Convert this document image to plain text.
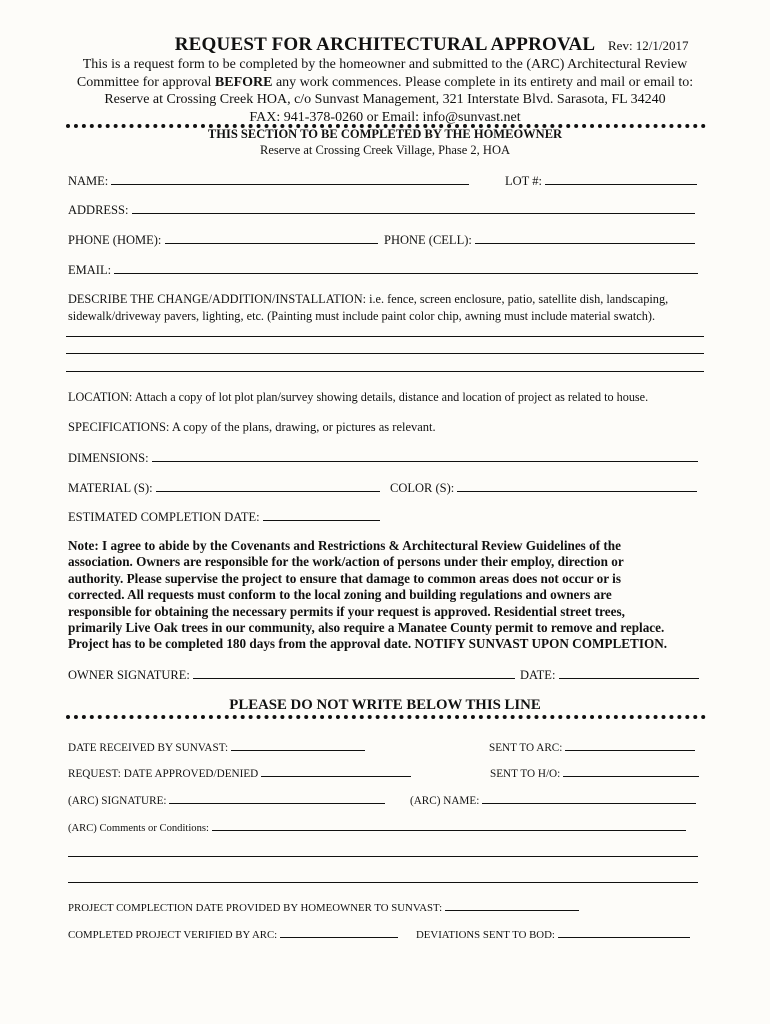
REQUEST FOR ARCHITECTURAL APPROVAL Rev: 12/1/2017
This is a request form to be completed by the homeowner and submitted to the (ARC) Architectural Review
Committee for approval BEFORE any work commences. Please complete in its entirety and mail or email to:
Reserve at Crossing Creek HOA, c/o Sunvast Management, 321 Interstate Blvd. Sarasota, FL 34240
FAX: 941-378-0260 or Email: info@sunvast.net
THIS SECTION TO BE COMPLETED BY THE HOMEOWNER
Reserve at Crossing Creek Village, Phase 2, HOA
NAME:	LOT #:
ADDRESS:
PHONE (HOME):	PHONE (CELL):
EMAIL:
DESCRIBE THE CHANGE/ADDITION/INSTALLATION: i.e. fence, screen enclosure, patio, satellite dish, landscaping,
sidewalk/driveway pavers, lighting, etc. (Painting must include paint color chip, awning must include material swatch).
LOCATION: Attach a copy of lot plot plan/survey showing details, distance and location of project as related to house.
SPECIFICATIONS: A copy of the plans, drawing, or pictures as relevant.
DIMENSIONS:
MATERIAL (S):	COLOR (S):
ESTIMATED COMPLETION DATE:
Note: I agree to abide by the Covenants and Restrictions & Architectural Review Guidelines of the
association. Owners are responsible for the work/action of persons under their employ, direction or
authority. Please supervise the project to ensure that damage to common areas does not occur or is
corrected. All requests must conform to the local zoning and building regulations and owners are
responsible for obtaining the necessary permits if your request is approved. Residential street trees,
primarily Live Oak trees in our community, also require a Manatee County permit to remove and replace.
Project has to be completed 180 days from the approval date. NOTIFY SUNVAST UPON COMPLETION.
OWNER SIGNATURE:	DATE:
PLEASE DO NOT WRITE BELOW THIS LINE
DATE RECEIVED BY SUNVAST:	SENT TO ARC:
REQUEST: DATE APPROVED/DENIED	SENT TO H/O:
(ARC) SIGNATURE:	(ARC) NAME:
(ARC) Comments or Conditions:
PROJECT COMPLECTION DATE PROVIDED BY HOMEOWNER TO SUNVAST:
COMPLETED PROJECT VERIFIED BY ARC:	DEVIATIONS SENT TO BOD:
